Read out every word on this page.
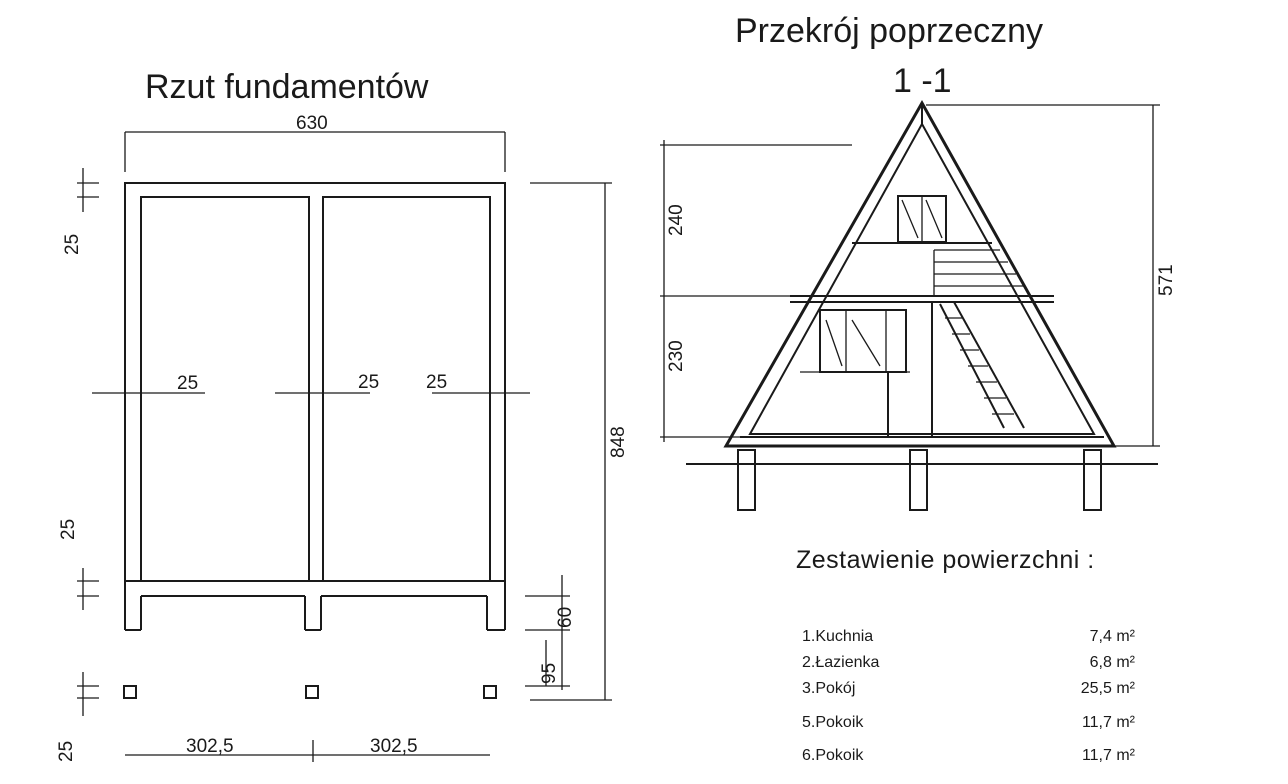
Rzut fundamentów
630
25	25 25
25
25
25
848
60
95
302,5	302,5
Przekrój poprzeczny
1 -1
240
230
571
Zestawienie powierzchni :
1.Kuchnia	7,4 m²
2.Łazienka	6,8 m²
3.Pokój	25,5 m²
5.Pokoik	11,7 m²
6.Pokoik	11,7 m²
